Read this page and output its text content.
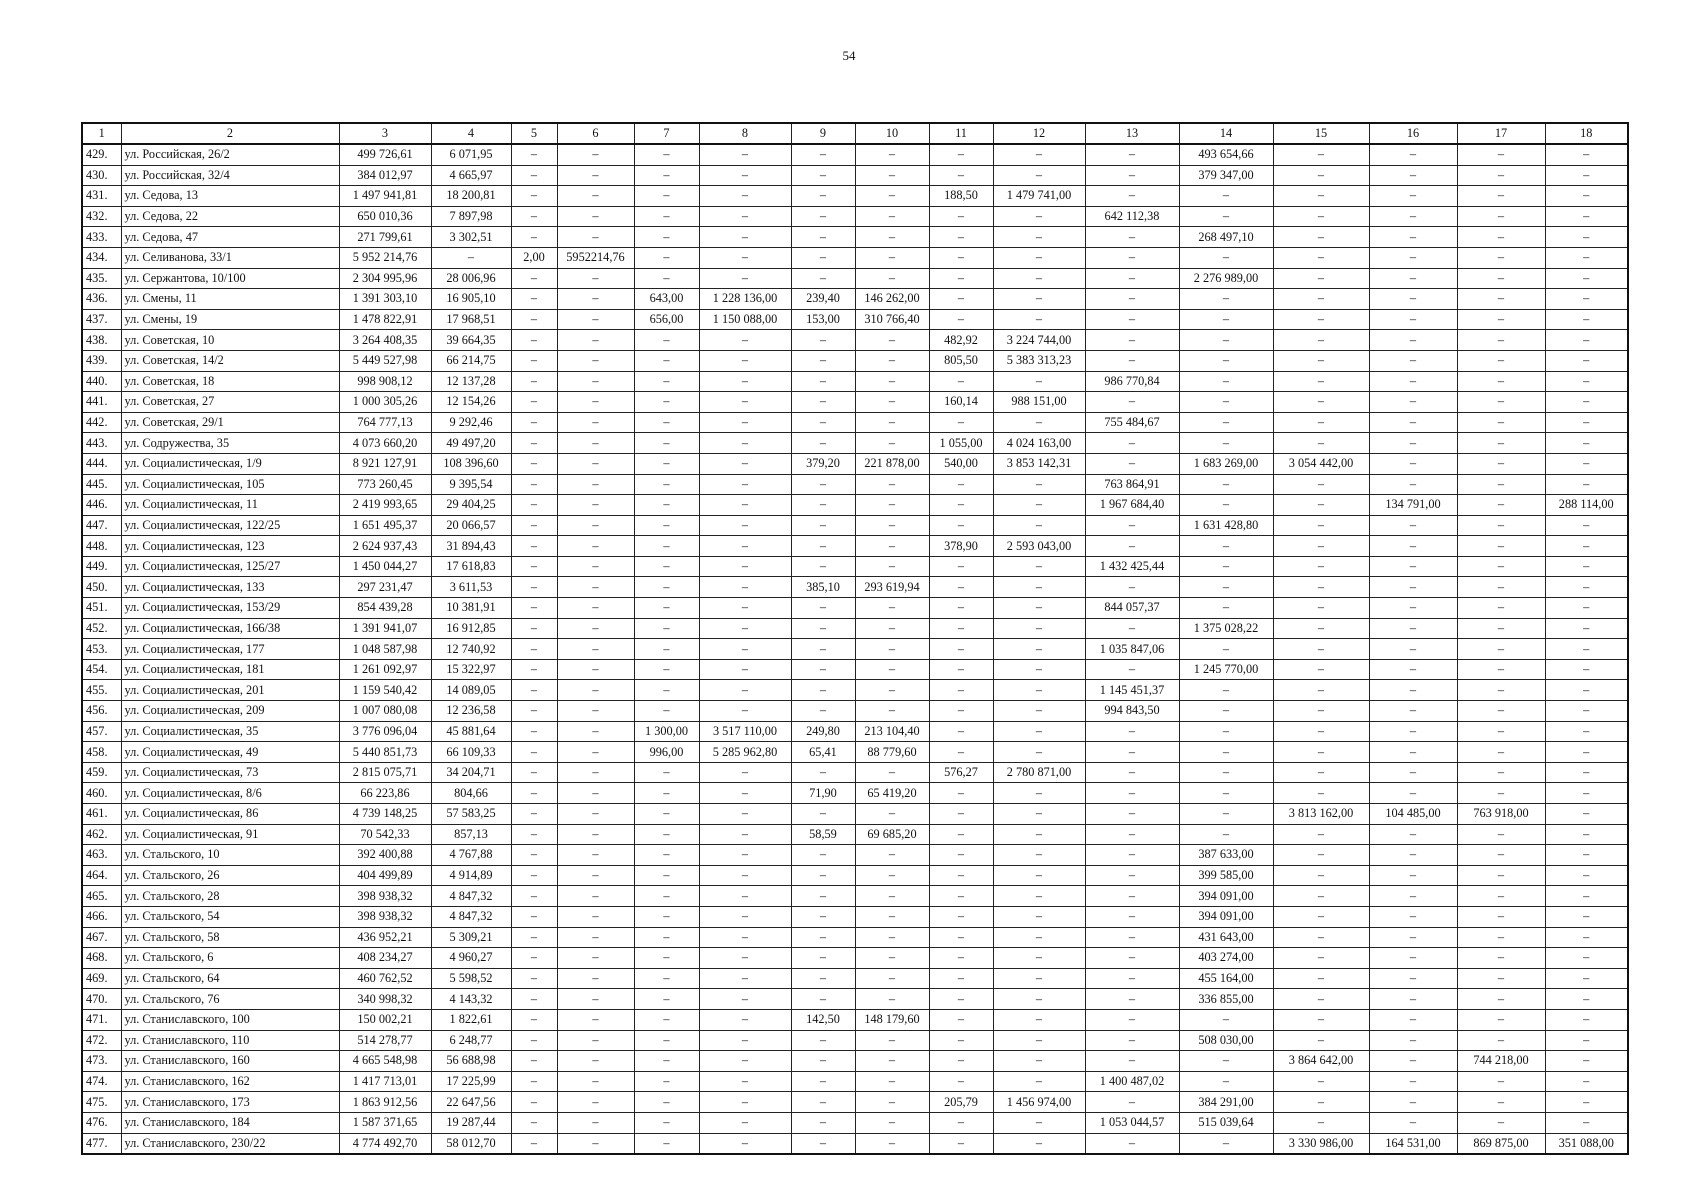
54
1	2	3	4	5	6	7	8	9	10	11	12	13	14	15	16	17	18
429.	ул. Российская, 26/2	499 726,61	6 071,95	–	–	–	–	–	–	–	–	–	493 654,66	–	–	–	–
430.	ул. Российская, 32/4	384 012,97	4 665,97	–	–	–	–	–	–	–	–	–	379 347,00	–	–	–	–
431.	ул. Седова, 13	1 497 941,81	18 200,81	–	–	–	–	–	–	188,50	1 479 741,00	–	–	–	–	–	–
432.	ул. Седова, 22	650 010,36	7 897,98	–	–	–	–	–	–	–	–	642 112,38	–	–	–	–	–
433.	ул. Седова, 47	271 799,61	3 302,51	–	–	–	–	–	–	–	–	–	268 497,10	–	–	–	–
434.	ул. Селиванова, 33/1	5 952 214,76	–	2,00	5952214,76	–	–	–	–	–	–	–	–	–	–	–	–
435.	ул. Сержантова, 10/100	2 304 995,96	28 006,96	–	–	–	–	–	–	–	–	–	2 276 989,00	–	–	–	–
436.	ул. Смены, 11	1 391 303,10	16 905,10	–	–	643,00	1 228 136,00	239,40	146 262,00	–	–	–	–	–	–	–	–
437.	ул. Смены, 19	1 478 822,91	17 968,51	–	–	656,00	1 150 088,00	153,00	310 766,40	–	–	–	–	–	–	–	–
438.	ул. Советская, 10	3 264 408,35	39 664,35	–	–	–	–	–	–	482,92	3 224 744,00	–	–	–	–	–	–
439.	ул. Советская, 14/2	5 449 527,98	66 214,75	–	–	–	–	–	–	805,50	5 383 313,23	–	–	–	–	–	–
440.	ул. Советская, 18	998 908,12	12 137,28	–	–	–	–	–	–	–	–	986 770,84	–	–	–	–	–
441.	ул. Советская, 27	1 000 305,26	12 154,26	–	–	–	–	–	–	160,14	988 151,00	–	–	–	–	–	–
442.	ул. Советская, 29/1	764 777,13	9 292,46	–	–	–	–	–	–	–	–	755 484,67	–	–	–	–	–
443.	ул. Содружества, 35	4 073 660,20	49 497,20	–	–	–	–	–	–	1 055,00	4 024 163,00	–	–	–	–	–	–
444.	ул. Социалистическая, 1/9	8 921 127,91	108 396,60	–	–	–	–	379,20	221 878,00	540,00	3 853 142,31	–	1 683 269,00	3 054 442,00	–	–	–
445.	ул. Социалистическая, 105	773 260,45	9 395,54	–	–	–	–	–	–	–	–	763 864,91	–	–	–	–	–
446.	ул. Социалистическая, 11	2 419 993,65	29 404,25	–	–	–	–	–	–	–	–	1 967 684,40	–	–	134 791,00	–	288 114,00
447.	ул. Социалистическая, 122/25	1 651 495,37	20 066,57	–	–	–	–	–	–	–	–	–	1 631 428,80	–	–	–	–
448.	ул. Социалистическая, 123	2 624 937,43	31 894,43	–	–	–	–	–	–	378,90	2 593 043,00	–	–	–	–	–	–
449.	ул. Социалистическая, 125/27	1 450 044,27	17 618,83	–	–	–	–	–	–	–	–	1 432 425,44	–	–	–	–	–
450.	ул. Социалистическая, 133	297 231,47	3 611,53	–	–	–	–	385,10	293 619,94	–	–	–	–	–	–	–	–
451.	ул. Социалистическая, 153/29	854 439,28	10 381,91	–	–	–	–	–	–	–	–	844 057,37	–	–	–	–	–
452.	ул. Социалистическая, 166/38	1 391 941,07	16 912,85	–	–	–	–	–	–	–	–	–	1 375 028,22	–	–	–	–
453.	ул. Социалистическая, 177	1 048 587,98	12 740,92	–	–	–	–	–	–	–	–	1 035 847,06	–	–	–	–	–
454.	ул. Социалистическая, 181	1 261 092,97	15 322,97	–	–	–	–	–	–	–	–	–	1 245 770,00	–	–	–	–
455.	ул. Социалистическая, 201	1 159 540,42	14 089,05	–	–	–	–	–	–	–	–	1 145 451,37	–	–	–	–	–
456.	ул. Социалистическая, 209	1 007 080,08	12 236,58	–	–	–	–	–	–	–	–	994 843,50	–	–	–	–	–
457.	ул. Социалистическая, 35	3 776 096,04	45 881,64	–	–	1 300,00	3 517 110,00	249,80	213 104,40	–	–	–	–	–	–	–	–
458.	ул. Социалистическая, 49	5 440 851,73	66 109,33	–	–	996,00	5 285 962,80	65,41	88 779,60	–	–	–	–	–	–	–	–
459.	ул. Социалистическая, 73	2 815 075,71	34 204,71	–	–	–	–	–	–	576,27	2 780 871,00	–	–	–	–	–	–
460.	ул. Социалистическая, 8/6	66 223,86	804,66	–	–	–	–	71,90	65 419,20	–	–	–	–	–	–	–	–
461.	ул. Социалистическая, 86	4 739 148,25	57 583,25	–	–	–	–	–	–	–	–	–	–	3 813 162,00	104 485,00	763 918,00	–
462.	ул. Социалистическая, 91	70 542,33	857,13	–	–	–	–	58,59	69 685,20	–	–	–	–	–	–	–	–
463.	ул. Стальского, 10	392 400,88	4 767,88	–	–	–	–	–	–	–	–	–	387 633,00	–	–	–	–
464.	ул. Стальского, 26	404 499,89	4 914,89	–	–	–	–	–	–	–	–	–	399 585,00	–	–	–	–
465.	ул. Стальского, 28	398 938,32	4 847,32	–	–	–	–	–	–	–	–	–	394 091,00	–	–	–	–
466.	ул. Стальского, 54	398 938,32	4 847,32	–	–	–	–	–	–	–	–	–	394 091,00	–	–	–	–
467.	ул. Стальского, 58	436 952,21	5 309,21	–	–	–	–	–	–	–	–	–	431 643,00	–	–	–	–
468.	ул. Стальского, 6	408 234,27	4 960,27	–	–	–	–	–	–	–	–	–	403 274,00	–	–	–	–
469.	ул. Стальского, 64	460 762,52	5 598,52	–	–	–	–	–	–	–	–	–	455 164,00	–	–	–	–
470.	ул. Стальского, 76	340 998,32	4 143,32	–	–	–	–	–	–	–	–	–	336 855,00	–	–	–	–
471.	ул. Станиславского, 100	150 002,21	1 822,61	–	–	–	–	142,50	148 179,60	–	–	–	–	–	–	–	–
472.	ул. Станиславского, 110	514 278,77	6 248,77	–	–	–	–	–	–	–	–	–	508 030,00	–	–	–	–
473.	ул. Станиславского, 160	4 665 548,98	56 688,98	–	–	–	–	–	–	–	–	–	–	3 864 642,00	–	744 218,00	–
474.	ул. Станиславского, 162	1 417 713,01	17 225,99	–	–	–	–	–	–	–	–	1 400 487,02	–	–	–	–	–
475.	ул. Станиславского, 173	1 863 912,56	22 647,56	–	–	–	–	–	–	205,79	1 456 974,00	–	384 291,00	–	–	–	–
476.	ул. Станиславского, 184	1 587 371,65	19 287,44	–	–	–	–	–	–	–	–	1 053 044,57	515 039,64	–	–	–	–
477.	ул. Станиславского, 230/22	4 774 492,70	58 012,70	–	–	–	–	–	–	–	–	–	–	3 330 986,00	164 531,00	869 875,00	351 088,00
